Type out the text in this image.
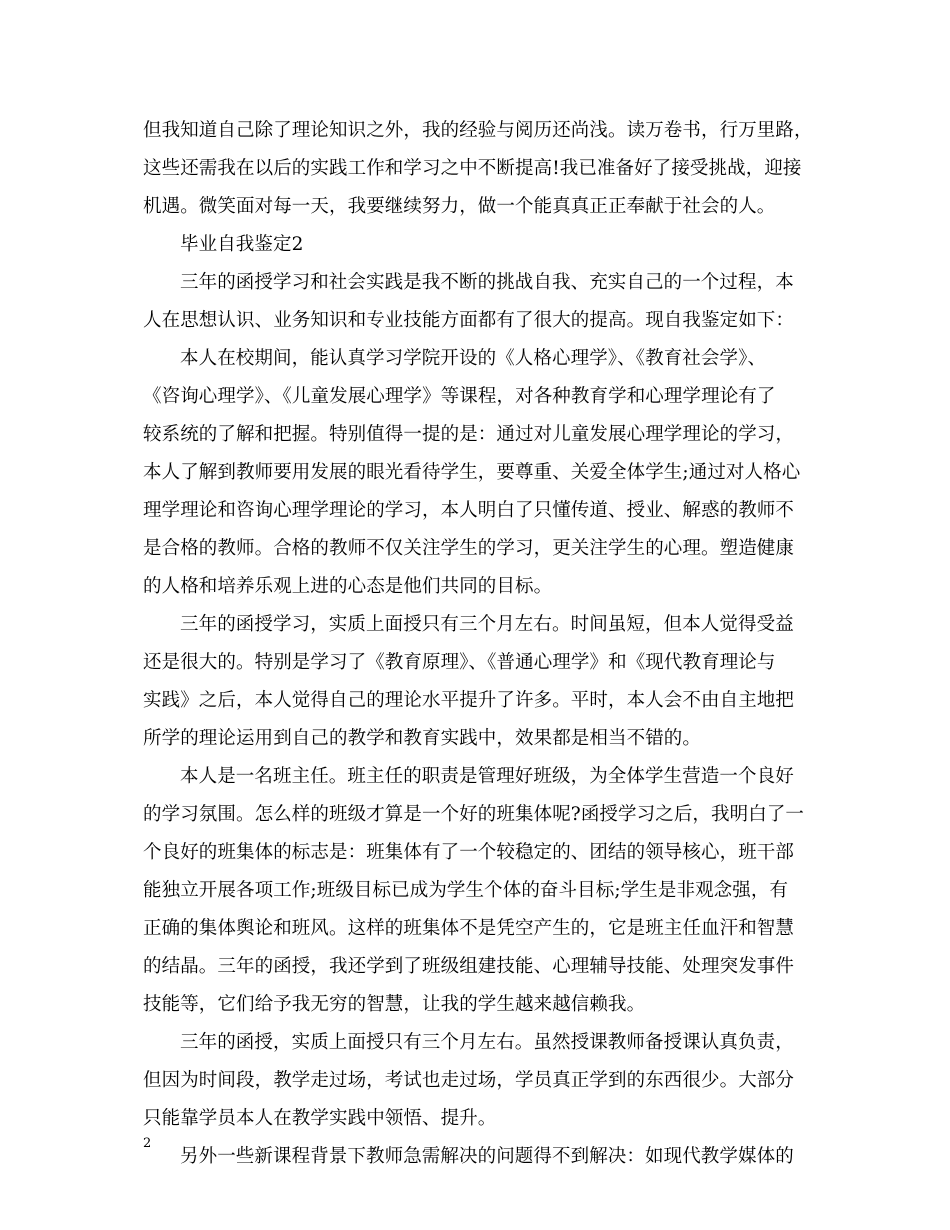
但我知道自己除了理论知识之外，我的经验与阅历还尚浅。读万卷书，行万里路，
这些还需我在以后的实践工作和学习之中不断提高!我已准备好了接受挑战，迎接
机遇。微笑面对每一天，我要继续努力，做一个能真真正正奉献于社会的人。
毕业自我鉴定2
三年的函授学习和社会实践是我不断的挑战自我、充实自己的一个过程，本
人在思想认识、业务知识和专业技能方面都有了很大的提高。现自我鉴定如下：
本人在校期间，能认真学习学院开设的《人格心理学》、《教育社会学》、
《咨询心理学》、《儿童发展心理学》等课程，对各种教育学和心理学理论有了
较系统的了解和把握。特别值得一提的是：通过对儿童发展心理学理论的学习，
本人了解到教师要用发展的眼光看待学生，要尊重、关爱全体学生;通过对人格心
理学理论和咨询心理学理论的学习，本人明白了只懂传道、授业、解惑的教师不
是合格的教师。合格的教师不仅关注学生的学习，更关注学生的心理。塑造健康
的人格和培养乐观上进的心态是他们共同的目标。
三年的函授学习，实质上面授只有三个月左右。时间虽短，但本人觉得受益
还是很大的。特别是学习了《教育原理》、《普通心理学》和《现代教育理论与
实践》之后，本人觉得自己的理论水平提升了许多。平时，本人会不由自主地把
所学的理论运用到自己的教学和教育实践中，效果都是相当不错的。
本人是一名班主任。班主任的职责是管理好班级，为全体学生营造一个良好
的学习氛围。怎么样的班级才算是一个好的班集体呢?函授学习之后，我明白了一
个良好的班集体的标志是：班集体有了一个较稳定的、团结的领导核心，班干部
能独立开展各项工作;班级目标已成为学生个体的奋斗目标;学生是非观念强，有
正确的集体舆论和班风。这样的班集体不是凭空产生的，它是班主任血汗和智慧
的结晶。三年的函授，我还学到了班级组建技能、心理辅导技能、处理突发事件
技能等，它们给予我无穷的智慧，让我的学生越来越信赖我。
三年的函授，实质上面授只有三个月左右。虽然授课教师备授课认真负责，
但因为时间段，教学走过场，考试也走过场，学员真正学到的东西很少。大部分
只能靠学员本人在教学实践中领悟、提升。
另外一些新课程背景下教师急需解决的问题得不到解决：如现代教学媒体的
2
